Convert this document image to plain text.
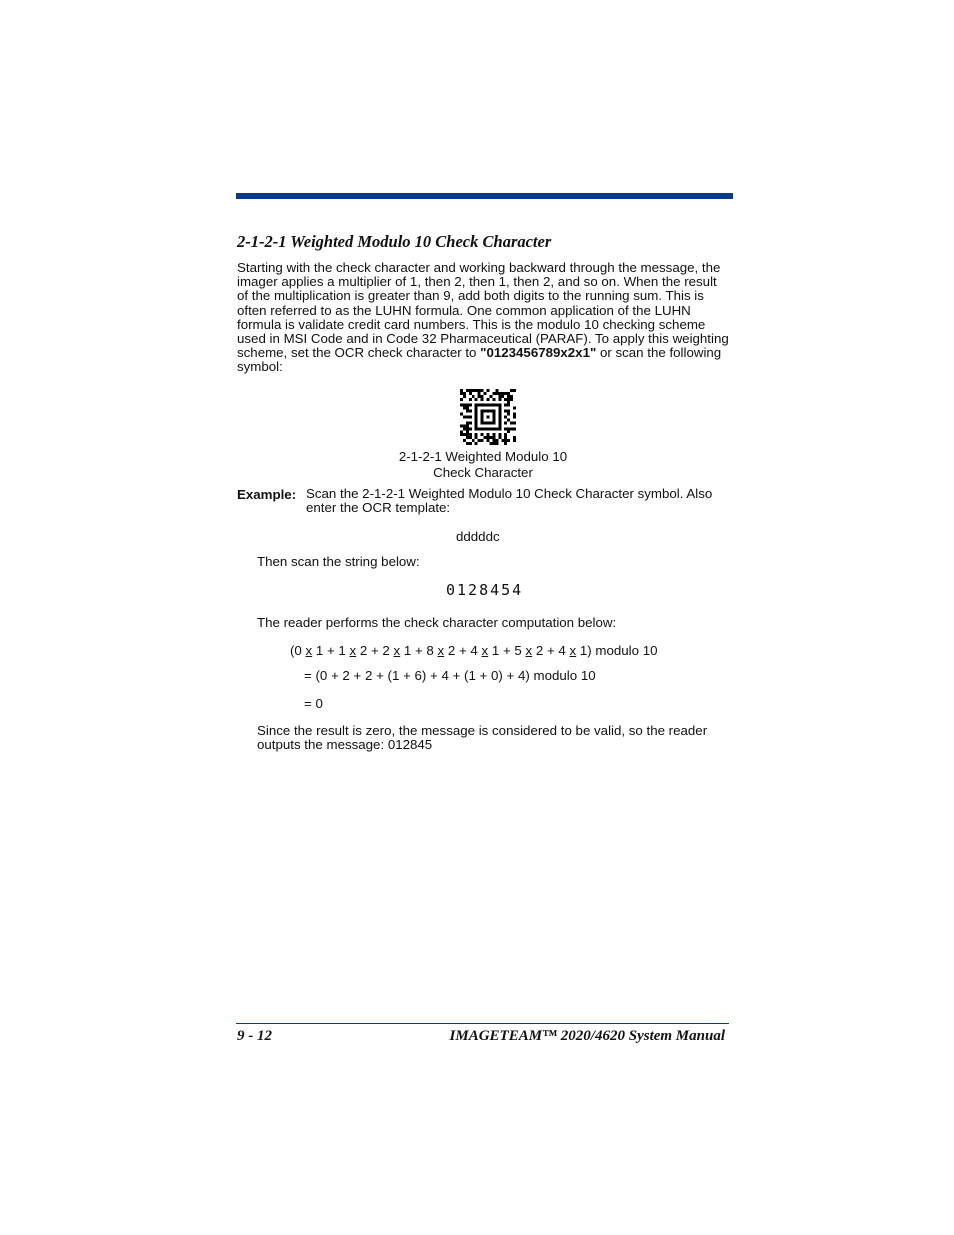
2-1-2-1 Weighted Modulo 10 Check Character

Starting with the check character and working backward through the message, the imager applies a multiplier of 1, then 2, then 1, then 2, and so on. When the result of the multiplication is greater than 9, add both digits to the running sum. This is often referred to as the LUHN formula. One common application of the LUHN formula is validate credit card numbers. This is the modulo 10 checking scheme used in MSI Code and in Code 32 Pharmaceutical (PARAF). To apply this weighting scheme, set the OCR check character to "0123456789x2x1" or scan the following symbol:

2-1-2-1 Weighted Modulo 10
Check Character
Example: Scan the 2-1-2-1 Weighted Modulo 10 Check Character symbol. Also enter the OCR template:

dddddc
Then scan the string below:
0128454
The reader performs the check character computation below:
(0 x 1 + 1 x 2 + 2 x 1 + 8 x 2 + 4 x 1 + 5 x 2 + 4 x 1) modulo 10
= (0 + 2 + 2 + (1 + 6) + 4 + (1 + 0) + 4) modulo 10
= 0

Since the result is zero, the message is considered to be valid, so the reader outputs the message: 012845

9 - 12	IMAGETEAM™ 2020/4620 System Manual
